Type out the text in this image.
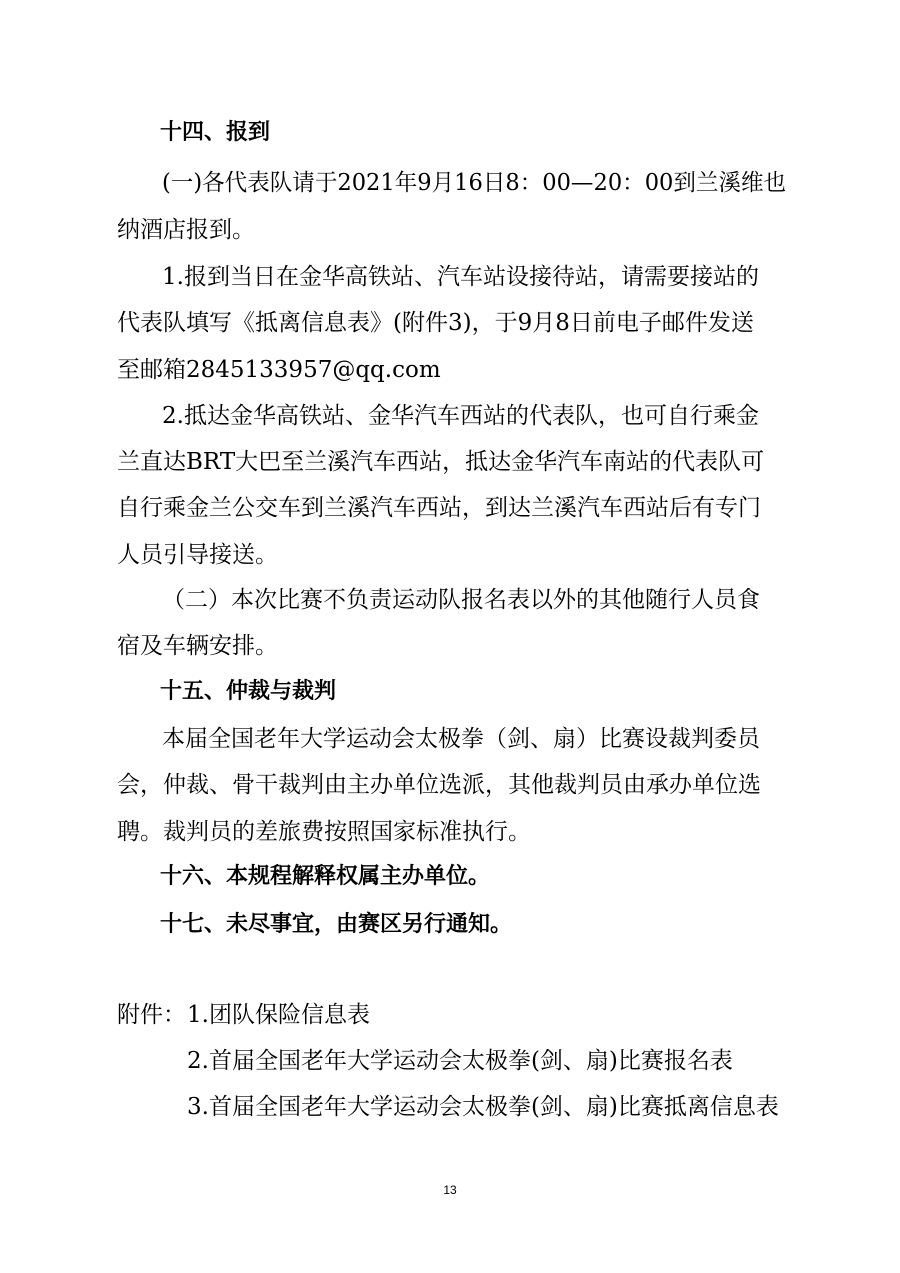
十四、报到
(一)各代表队请于2021年9月16日8：00—20：00到兰溪维也
纳酒店报到。
1.报到当日在金华高铁站、汽车站设接待站，请需要接站的
代表队填写《抵离信息表》(附件3)，于9月8日前电子邮件发送
至邮箱2845133957@qq.com
2.抵达金华高铁站、金华汽车西站的代表队，也可自行乘金
兰直达BRT大巴至兰溪汽车西站，抵达金华汽车南站的代表队可
自行乘金兰公交车到兰溪汽车西站，到达兰溪汽车西站后有专门
人员引导接送。
（二）本次比赛不负责运动队报名表以外的其他随行人员食
宿及车辆安排。
十五、仲裁与裁判
本届全国老年大学运动会太极拳（剑、扇）比赛设裁判委员
会，仲裁、骨干裁判由主办单位选派，其他裁判员由承办单位选
聘。裁判员的差旅费按照国家标准执行。
十六、本规程解释权属主办单位。
十七、未尽事宜，由赛区另行通知。
附件： 1.团队保险信息表
2.首届全国老年大学运动会太极拳(剑、扇)比赛报名表
3.首届全国老年大学运动会太极拳(剑、扇)比赛抵离信息表
13
